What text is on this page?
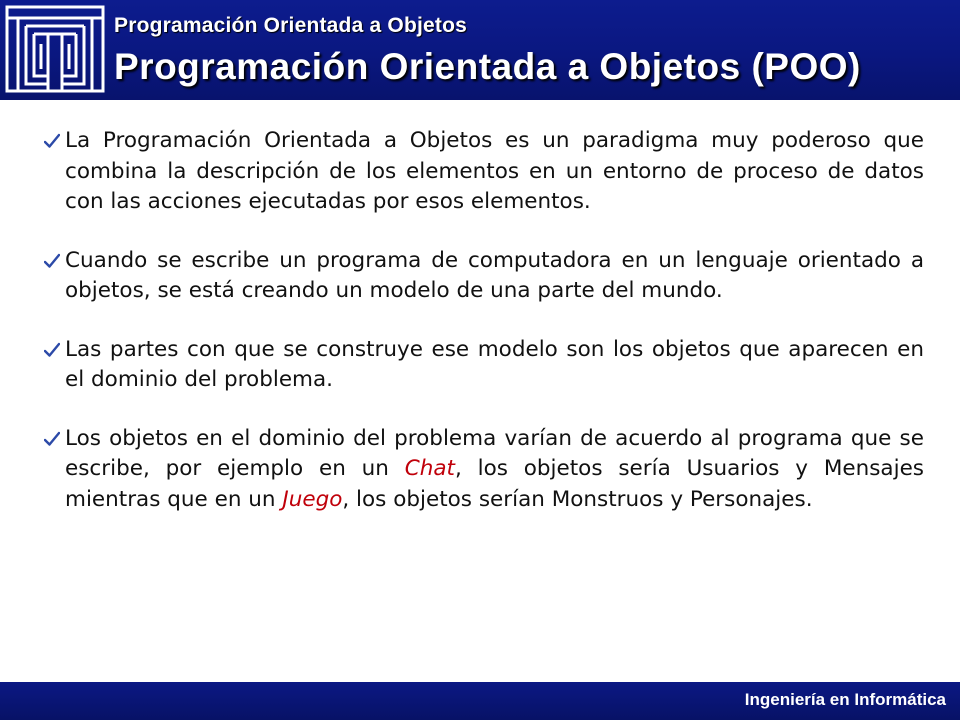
Programación Orientada a Objetos
Programación Orientada a Objetos (POO)
La Programación Orientada a Objetos es un paradigma muy poderoso que combina la descripción de los elementos en un entorno de proceso de datos con las acciones ejecutadas por esos elementos.
Cuando se escribe un programa de computadora en un lenguaje orientado a objetos, se está creando un modelo de una parte del mundo.
Las partes con que se construye ese modelo son los objetos que aparecen en el dominio del problema.
Los objetos en el dominio del problema varían de acuerdo al programa que se escribe, por ejemplo en un Chat, los objetos sería Usuarios y Mensajes mientras que en un Juego, los objetos serían Monstruos y Personajes.
Ingeniería en Informática
